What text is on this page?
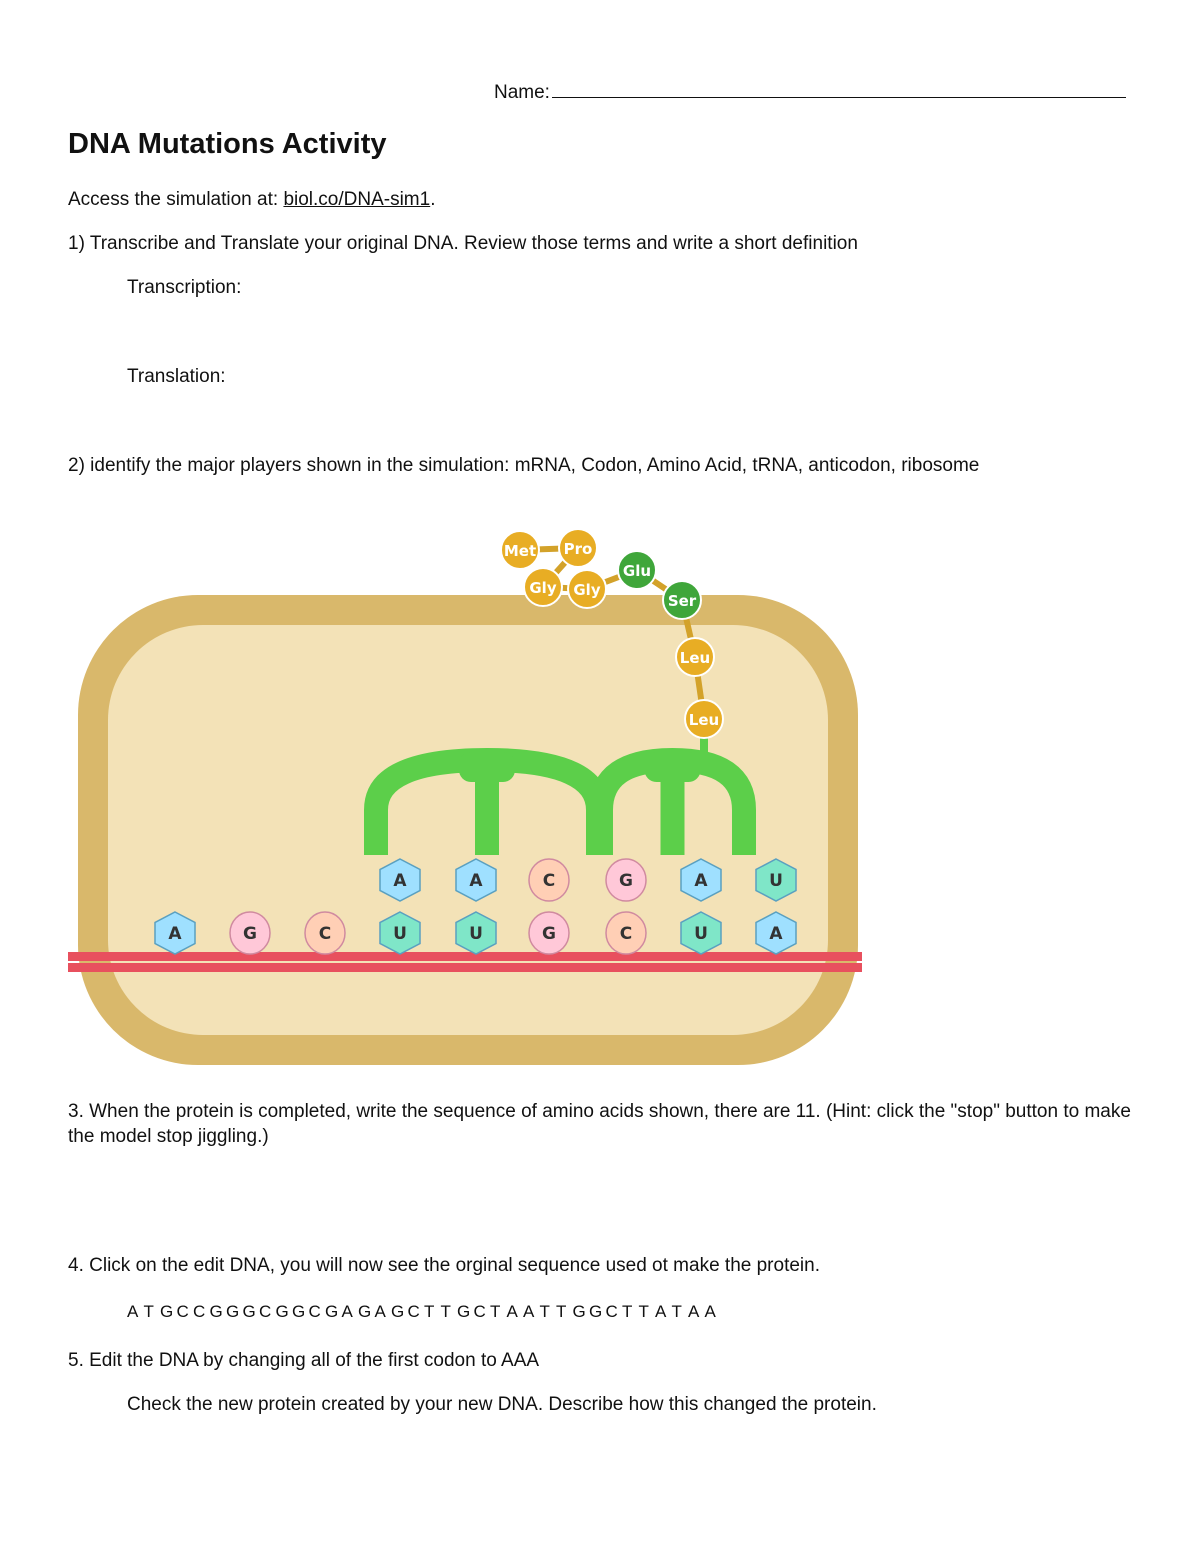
Name:
DNA Mutations Activity
Access the simulation at: biol.co/DNA-sim1.
1) Transcribe and Translate your original DNA. Review those terms and write a short definition
Transcription:
Translation:
2) identify the major players shown in the simulation: mRNA, Codon, Amino Acid, tRNA, anticodon, ribosome
A	A	C	G	A	U
A	G	C	U	U	G	C	U	A
Met Pro
Gly Gly
Glu
Ser
Leu
Leu
3. When the protein is completed, write the sequence of amino acids shown, there are 11. (Hint: click the "stop" button to make the model stop jiggling.)
4. Click on the edit DNA, you will now see the orginal sequence used ot make the protein.
A T G C C G G G C G G C G A G A G C T T G C T A A T T G G C T T A T A A
5. Edit the DNA by changing all of the first codon to AAA
Check the new protein created by your new DNA. Describe how this changed the protein.
